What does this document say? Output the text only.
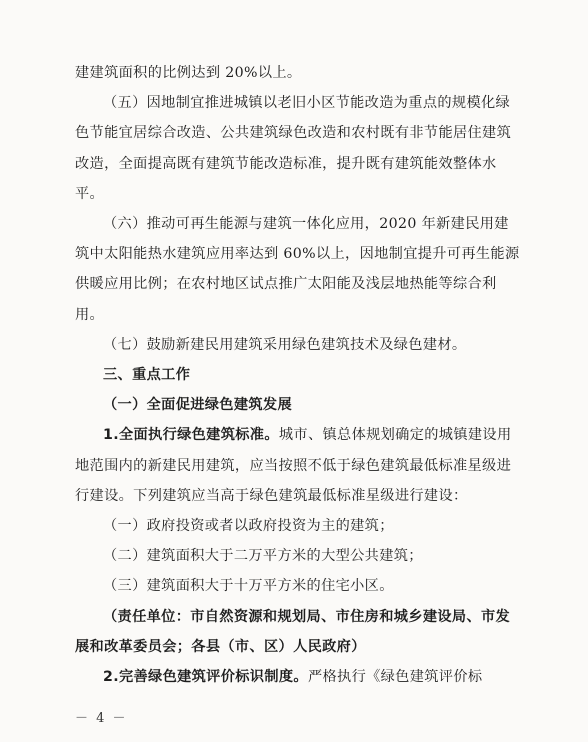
建建筑面积的比例达到 20%以上。

（五）因地制宜推进城镇以老旧小区节能改造为重点的规模化绿色节能宜居综合改造、公共建筑绿色改造和农村既有非节能居住建筑改造，全面提高既有建筑节能改造标准，提升既有建筑能效整体水平。

（六）推动可再生能源与建筑一体化应用，2020 年新建民用建筑中太阳能热水建筑应用率达到 60%以上，因地制宜提升可再生能源供暖应用比例；在农村地区试点推广太阳能及浅层地热能等综合利用。

（七）鼓励新建民用建筑采用绿色建筑技术及绿色建材。

三、重点工作

（一）全面促进绿色建筑发展

1.全面执行绿色建筑标准。城市、镇总体规划确定的城镇建设用地范围内的新建民用建筑，应当按照不低于绿色建筑最低标准星级进行建设。下列建筑应当高于绿色建筑最低标准星级进行建设：

（一）政府投资或者以政府投资为主的建筑；

（二）建筑面积大于二万平方米的大型公共建筑；

（三）建筑面积大于十万平方米的住宅小区。

（责任单位：市自然资源和规划局、市住房和城乡建设局、市发展和改革委员会；各县（市、区）人民政府）

2.完善绿色建筑评价标识制度。严格执行《绿色建筑评价标

－ 4 －
